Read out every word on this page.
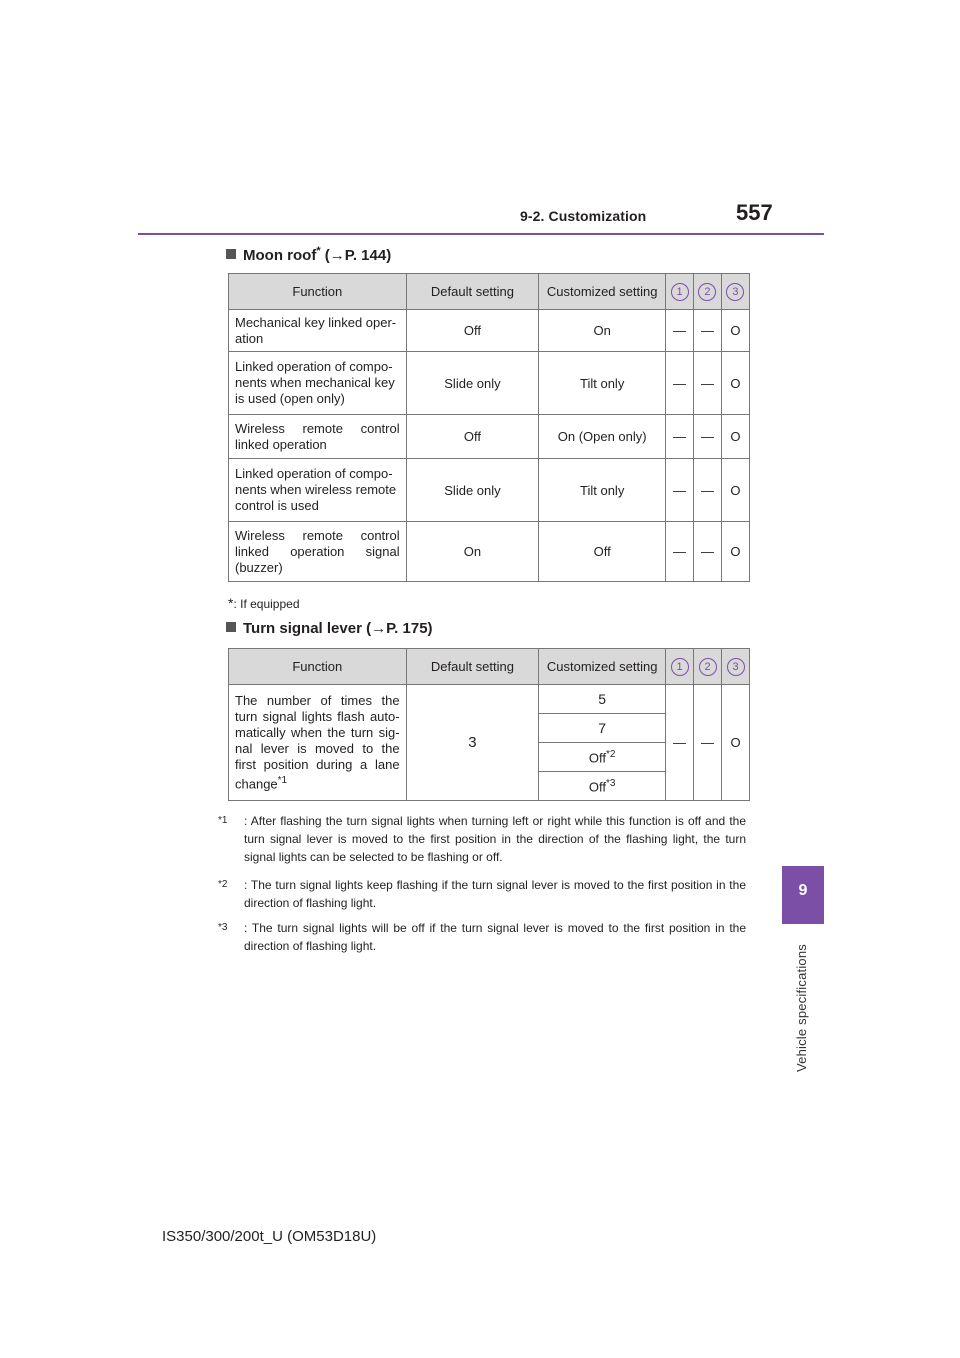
9-2. Customization	557
9
Vehicle specifications
Moon roof* (→P. 144)
Function	Default setting	Customized setting	1	2	3
Mechanical key linked oper-ation	Off	On	—	—	O
Linked operation of compo-nents when mechanical key is used (open only)	Slide only	Tilt only	—	—	O
Wireless remote control linked operation	Off	On (Open only)	—	—	O
Linked operation of compo-nents when wireless remote control is used	Slide only	Tilt only	—	—	O
Wireless remote control linked operation signal (buzzer)	On	Off	—	—	O
*: If equipped
Turn signal lever (→P. 175)
Function	Default setting	Customized setting	1	2	3
The number of times the turn signal lights flash auto-matically when the turn sig-nal lever is moved to the first position during a lane change$^{*1}$	3	5	—	—	O
		7			
		Off$^{*2}$
		Off$^{*3}$
$^{*1}$	: After flashing the turn signal lights when turning left or right while this function is off and the turn signal lever is moved to the first position in the direction of the flashing light, the turn signal lights can be selected to be flashing or off.
$^{*2}$	: The turn signal lights keep flashing if the turn signal lever is moved to the first position in the direction of flashing light.
$^{*3}$	: The turn signal lights will be off if the turn signal lever is moved to the first position in the direction of flashing light.
IS350/300/200t_U (OM53D18U)
